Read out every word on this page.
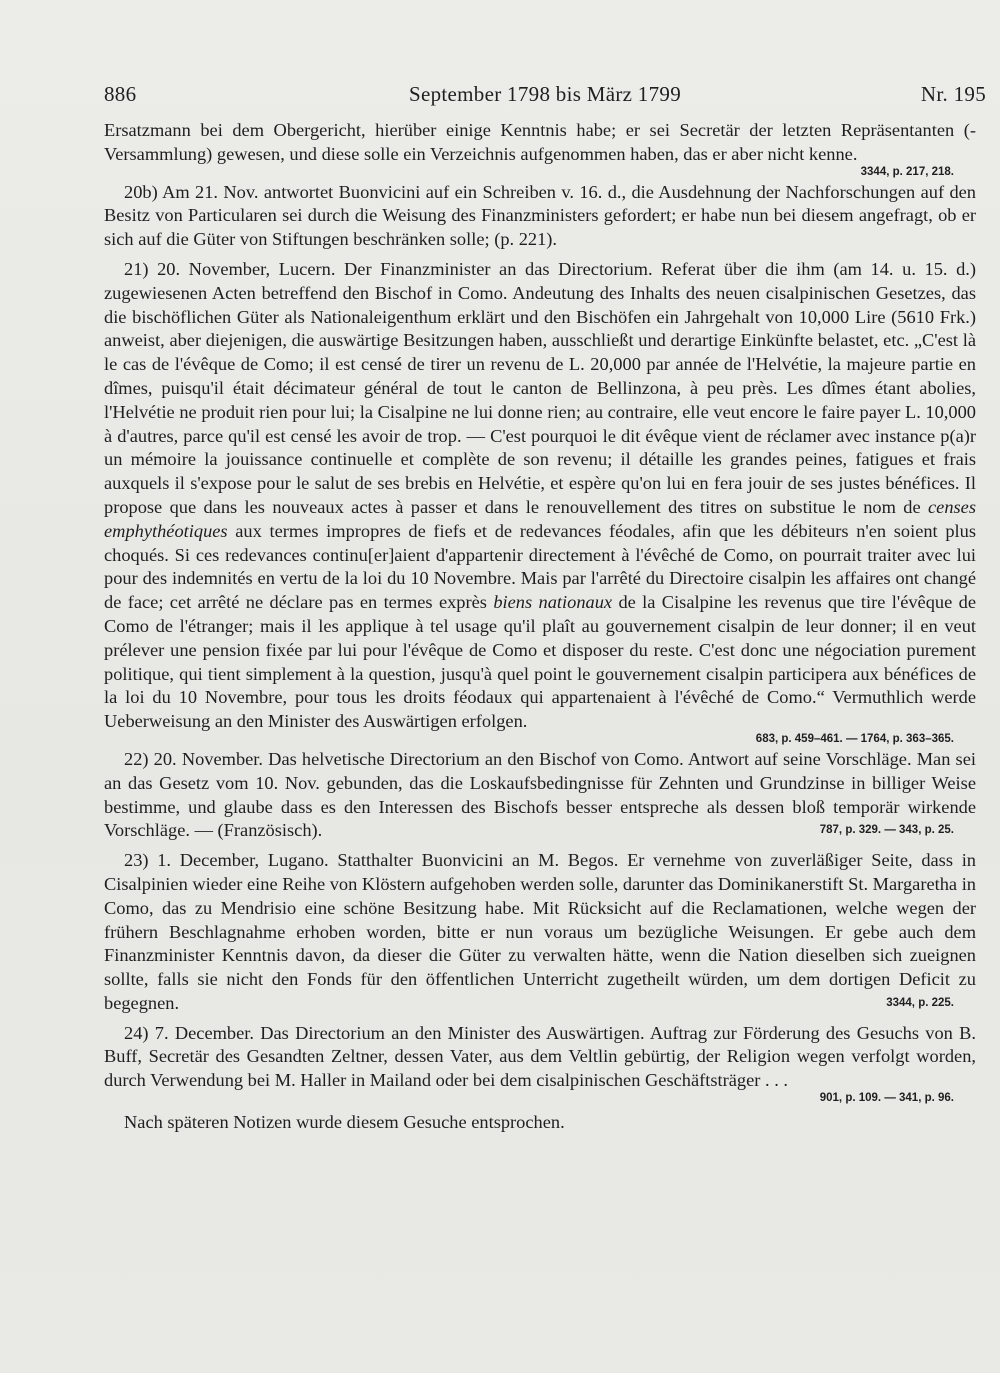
886	September 1798 bis März 1799	Nr. 195

Ersatzmann bei dem Obergericht, hierüber einige Kenntnis habe; er sei Secretär der letzten Repräsentanten (-Versammlung) gewesen, und diese solle ein Verzeichnis aufgenommen haben, das er aber nicht kenne.

3344, p. 217, 218.

20b) Am 21. Nov. antwortet Buonvicini auf ein Schreiben v. 16. d., die Ausdehnung der Nachforschungen auf den Besitz von Particularen sei durch die Weisung des Finanzministers gefordert; er habe nun bei diesem angefragt, ob er sich auf die Güter von Stiftungen beschränken solle; (p. 221).

21) 20. November, Lucern. Der Finanzminister an das Directorium. Referat über die ihm (am 14. u. 15. d.) zugewiesenen Acten betreffend den Bischof in Como. Andeutung des Inhalts des neuen cisalpinischen Gesetzes, das die bischöflichen Güter als Nationaleigenthum erklärt und den Bischöfen ein Jahrgehalt von 10,000 Lire (5610 Frk.) anweist, aber diejenigen, die auswärtige Besitzungen haben, ausschließt und derartige Einkünfte belastet, etc. „C'est là le cas de l'évêque de Como; il est censé de tirer un revenu de L. 20,000 par année de l'Helvétie, la majeure partie en dîmes, puisqu'il était décimateur général de tout le canton de Bellinzona, à peu près. Les dîmes étant abolies, l'Helvétie ne produit rien pour lui; la Cisalpine ne lui donne rien; au contraire, elle veut encore le faire payer L. 10,000 à d'autres, parce qu'il est censé les avoir de trop. — C'est pourquoi le dit évêque vient de réclamer avec instance p(a)r un mémoire la jouissance continuelle et complète de son revenu; il détaille les grandes peines, fatigues et frais auxquels il s'expose pour le salut de ses brebis en Helvétie, et espère qu'on lui en fera jouir de ses justes bénéfices. Il propose que dans les nouveaux actes à passer et dans le renouvellement des titres on substitue le nom de censes emphythéotiques aux termes impropres de fiefs et de redevances féodales, afin que les débiteurs n'en soient plus choqués. Si ces redevances continu[er]aient d'appartenir directement à l'évêché de Como, on pourrait traiter avec lui pour des indemnités en vertu de la loi du 10 Novembre. Mais par l'arrêté du Directoire cisalpin les affaires ont changé de face; cet arrêté ne déclare pas en termes exprès biens nationaux de la Cisalpine les revenus que tire l'évêque de Como de l'étranger; mais il les applique à tel usage qu'il plaît au gouvernement cisalpin de leur donner; il en veut prélever une pension fixée par lui pour l'évêque de Como et disposer du reste. C'est donc une négociation purement politique, qui tient simplement à la question, jusqu'à quel point le gouvernement cisalpin participera aux bénéfices de la loi du 10 Novembre, pour tous les droits féodaux qui appartenaient à l'évêché de Como.“ Vermuthlich werde Ueberweisung an den Minister des Auswärtigen erfolgen.

683, p. 459–461. — 1764, p. 363–365.

22) 20. November. Das helvetische Directorium an den Bischof von Como. Antwort auf seine Vorschläge. Man sei an das Gesetz vom 10. Nov. gebunden, das die Loskaufsbedingnisse für Zehnten und Grundzinse in billiger Weise bestimme, und glaube dass es den Interessen des Bischofs besser entspreche als dessen bloß temporär wirkende Vorschläge. — (Französisch).	787, p. 329. — 343, p. 25.

23) 1. December, Lugano. Statthalter Buonvicini an M. Begos. Er vernehme von zuverläßiger Seite, dass in Cisalpinien wieder eine Reihe von Klöstern aufgehoben werden solle, darunter das Dominikanerstift St. Margaretha in Como, das zu Mendrisio eine schöne Besitzung habe. Mit Rücksicht auf die Reclamationen, welche wegen der frühern Beschlagnahme erhoben worden, bitte er nun voraus um bezügliche Weisungen. Er gebe auch dem Finanzminister Kenntnis davon, da dieser die Güter zu verwalten hätte, wenn die Nation dieselben sich zueignen sollte, falls sie nicht den Fonds für den öffentlichen Unterricht zugetheilt würden, um dem dortigen Deficit zu begegnen.	3344, p. 225.

24) 7. December. Das Directorium an den Minister des Auswärtigen. Auftrag zur Förderung des Gesuchs von B. Buff, Secretär des Gesandten Zeltner, dessen Vater, aus dem Veltlin gebürtig, der Religion wegen verfolgt worden, durch Verwendung bei M. Haller in Mailand oder bei dem cisalpinischen Geschäftsträger . . .

901, p. 109. — 341, p. 96.

Nach späteren Notizen wurde diesem Gesuche entsprochen.
